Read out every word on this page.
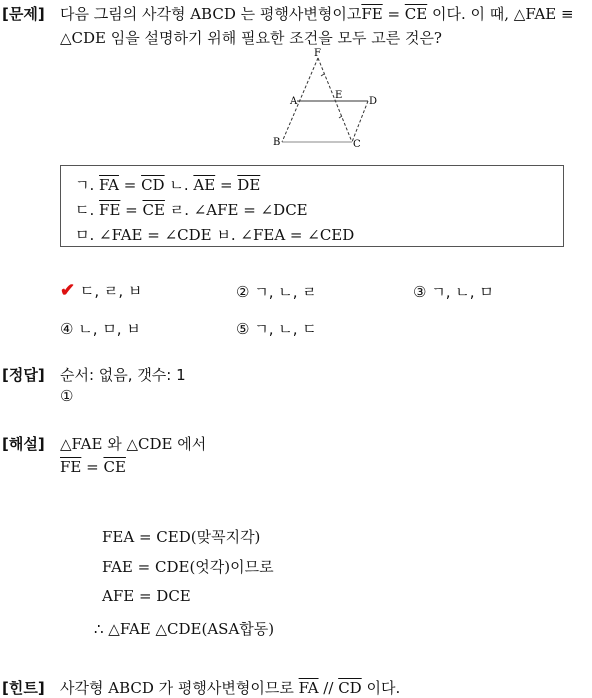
[문제] 다음 그림의 사각형 ABCD 는 평행사변형이고$\overline{FE} = \overline{CE}$ 이다. 이 때, △FAE ≡
△CDE 임을 설명하기 위해 필요한 조건을 모두 고른 것은?
F
A
E
D
B	C
ㄱ. $\overline{FA} = \overline{CD}$ ㄴ. $\overline{AE} = \overline{DE}$
ㄷ. $\overline{FE} = \overline{CE}$ ㄹ. ∠AFE = ∠DCE
ㅁ. ∠FAE = ∠CDE ㅂ. ∠FEA = ∠CED
✔ ㄷ, ㄹ, ㅂ	② ㄱ, ㄴ, ㄹ	③ ㄱ, ㄴ, ㅁ
④ ㄴ, ㅁ, ㅂ	⑤ ㄱ, ㄴ, ㄷ
[정답] 순서: 없음, 갯수: 1
①
[해설] △FAE 와 △CDE 에서
$\overline{FE} = \overline{CE}$
FEA = CED(맞꼭지각)
FAE = CDE(엇각)이므로
AFE = DCE
∴ △FAE △CDE(ASA합동)
[힌트] 사각형 ABCD 가 평행사변형이므로 $\overline{FA} // \overline{CD}$ 이다.
